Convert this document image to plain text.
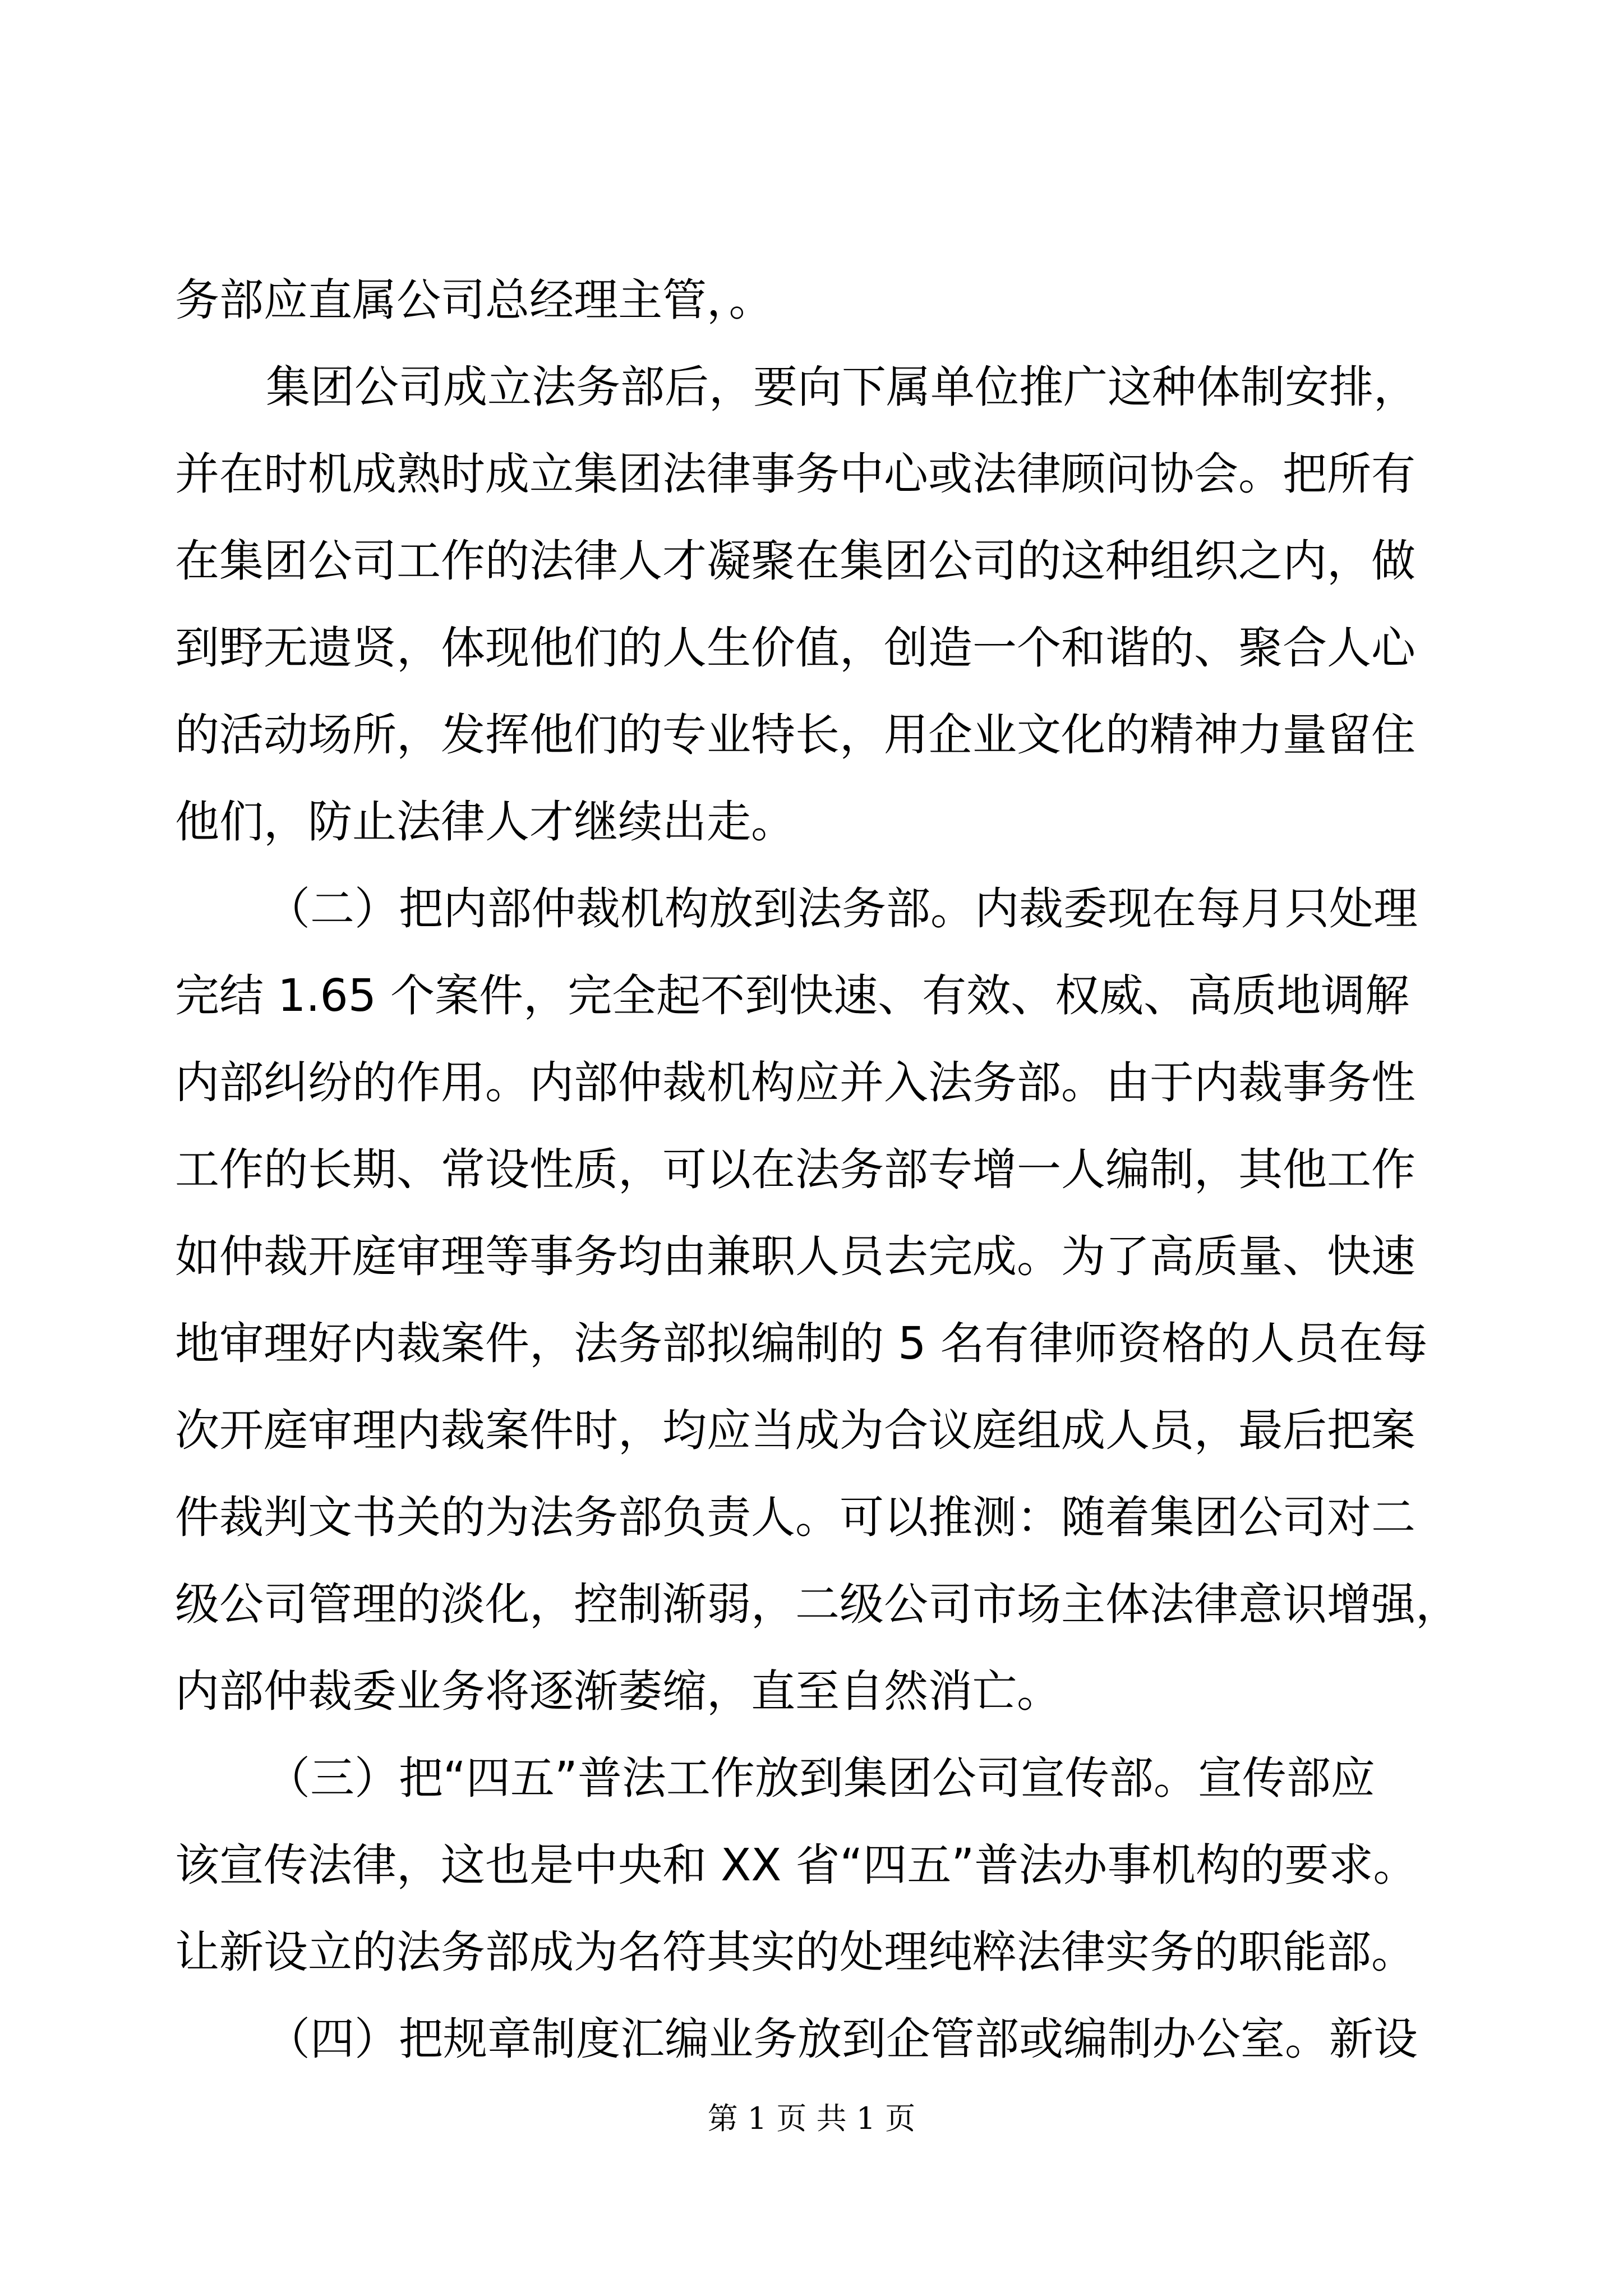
务部应直属公司总经理主管，。
集团公司成立法务部后，要向下属单位推广这种体制安排，
并在时机成熟时成立集团法律事务中心或法律顾问协会。把所有
在集团公司工作的法律人才凝聚在集团公司的这种组织之内，做
到野无遗贤，体现他们的人生价值，创造一个和谐的、聚合人心
的活动场所，发挥他们的专业特长，用企业文化的精神力量留住
他们，防止法律人才继续出走。
（二）把内部仲裁机构放到法务部。内裁委现在每月只处理
完结 1.65 个案件，完全起不到快速、有效、权威、高质地调解
内部纠纷的作用。内部仲裁机构应并入法务部。由于内裁事务性
工作的长期、常设性质，可以在法务部专增一人编制，其他工作
如仲裁开庭审理等事务均由兼职人员去完成。为了高质量、快速
地审理好内裁案件，法务部拟编制的 5 名有律师资格的人员在每
次开庭审理内裁案件时，均应当成为合议庭组成人员，最后把案
件裁判文书关的为法务部负责人。可以推测：随着集团公司对二
级公司管理的淡化，控制渐弱，二级公司市场主体法律意识增强，
内部仲裁委业务将逐渐萎缩，直至自然消亡。
（三）把“四五”普法工作放到集团公司宣传部。宣传部应
该宣传法律，这也是中央和 XX 省“四五”普法办事机构的要求。
让新设立的法务部成为名符其实的处理纯粹法律实务的职能部。
（四）把规章制度汇编业务放到企管部或编制办公室。新设
第 1 页 共 1 页
